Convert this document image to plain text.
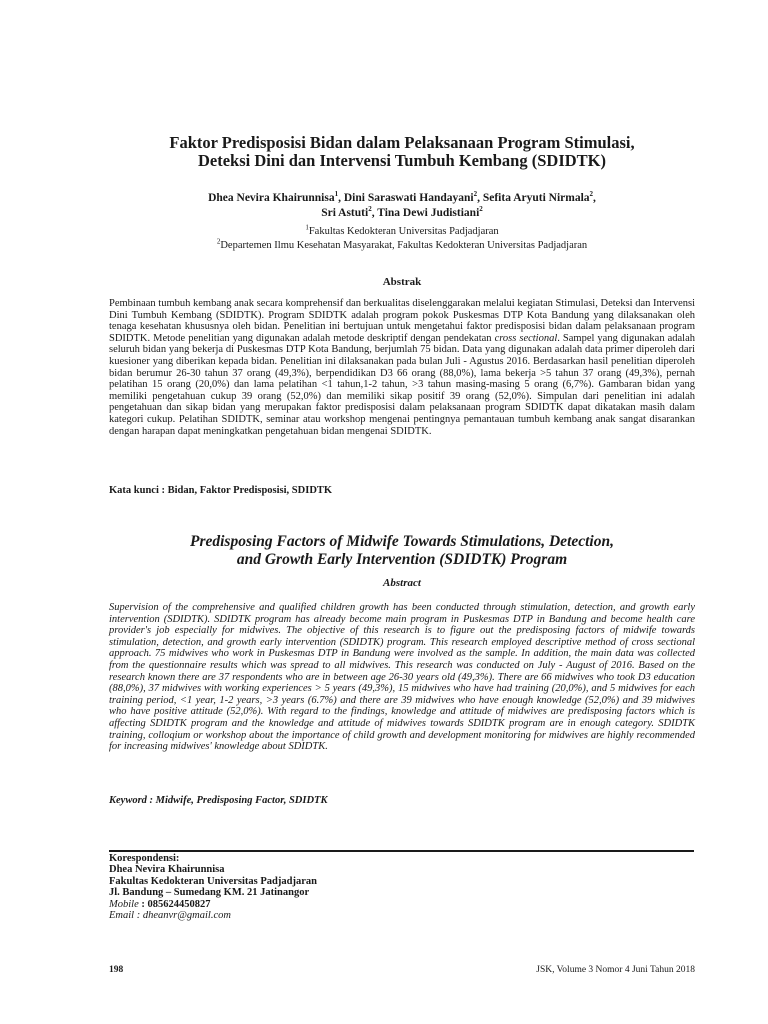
Faktor Predisposisi Bidan dalam Pelaksanaan Program Stimulasi,
Deteksi Dini dan Intervensi Tumbuh Kembang (SDIDTK)
Dhea Nevira Khairunnisa$^1$, Dini Saraswati Handayani$^2$, Sefita Aryuti Nirmala$^2$,
Sri Astuti$^2$, Tina Dewi Judistiani$^2$
$^1$Fakultas Kedokteran Universitas Padjadjaran
$^2$Departemen Ilmu Kesehatan Masyarakat, Fakultas Kedokteran Universitas Padjadjaran
Abstrak
Pembinaan tumbuh kembang anak secara komprehensif dan berkualitas diselenggarakan melalui kegiatan Stimulasi, Deteksi dan Intervensi Dini Tumbuh Kembang (SDIDTK). Program SDIDTK adalah program pokok Puskesmas DTP Kota Bandung yang dilaksanakan oleh tenaga kesehatan khususnya oleh bidan. Penelitian ini bertujuan untuk mengetahui faktor predisposisi bidan dalam pelaksanaan program SDIDTK. Metode penelitian yang digunakan adalah metode deskriptif dengan pendekatan cross sectional. Sampel yang digunakan adalah seluruh bidan yang bekerja di Puskesmas DTP Kota Bandung, berjumlah 75 bidan. Data yang digunakan adalah data primer diperoleh dari kuesioner yang diberikan kepada bidan. Penelitian ini dilaksanakan pada bulan Juli - Agustus 2016. Berdasarkan hasil penelitian diperoleh bidan berumur 26-30 tahun 37 orang (49,3%), berpendidikan D3 66 orang (88,0%), lama bekerja >5 tahun 37 orang (49,3%), pernah pelatihan 15 orang (20,0%) dan lama pelatihan <1 tahun,1-2 tahun, >3 tahun masing-masing 5 orang (6,7%). Gambaran bidan yang memiliki pengetahuan cukup 39 orang (52,0%) dan memiliki sikap positif 39 orang (52,0%). Simpulan dari penelitian ini adalah pengetahuan dan sikap bidan yang merupakan faktor predisposisi dalam pelaksanaan program SDIDTK dapat dikatakan masih dalam kategori cukup. Pelatihan SDIDTK, seminar atau workshop mengenai pentingnya pemantauan tumbuh kembang anak sangat disarankan dengan harapan dapat meningkatkan pengetahuan bidan mengenai SDIDTK.
Kata kunci : Bidan, Faktor Predisposisi, SDIDTK
Predisposing Factors of Midwife Towards Stimulations, Detection,
and Growth Early Intervention (SDIDTK) Program
Abstract
Supervision of the comprehensive and qualified children growth has been conducted through stimulation, detection, and growth early intervention (SDIDTK). SDIDTK program has already become main program in Puskesmas DTP in Bandung and become health care provider's job especially for midwives. The objective of this research is to figure out the predisposing factors of midwife towards stimulation, detection, and growth early intervention (SDIDTK) program. This research employed descriptive method of cross sectional approach. 75 midwives who work in Puskesmas DTP in Bandung were involved as the sample. In addition, the main data was collected from the questionnaire results which was spread to all midwives. This research was conducted on July - August of 2016. Based on the research known there are 37 respondents who are in between age 26-30 years old (49,3%). There are 66 midwives who took D3 education (88,0%), 37 midwives with working experiences > 5 years (49,3%), 15 midwives who have had training (20,0%), and 5 midwives for each training period, <1 year, 1-2 years, >3 years (6.7%) and there are 39 midwives who have enough knowledge (52,0%) and 39 midwives who have positive attitude (52,0%). With regard to the findings, knowledge and attitude of midwives are predisposing factors which is affecting SDIDTK program and the knowledge and attitude of midwives towards SDIDTK program are in enough category. SDIDTK training, colloqium or workshop about the importance of child growth and development monitoring for midwives are highly recommended for increasing midwives' knowledge about SDIDTK.
Keyword : Midwife, Predisposing Factor, SDIDTK
Korespondensi:
Dhea Nevira Khairunnisa
Fakultas Kedokteran Universitas Padjadjaran
Jl. Bandung – Sumedang KM. 21 Jatinangor
Mobile : 085624450827
Email : dheanvr@gmail.com
198	JSK, Volume 3 Nomor 4 Juni Tahun 2018
